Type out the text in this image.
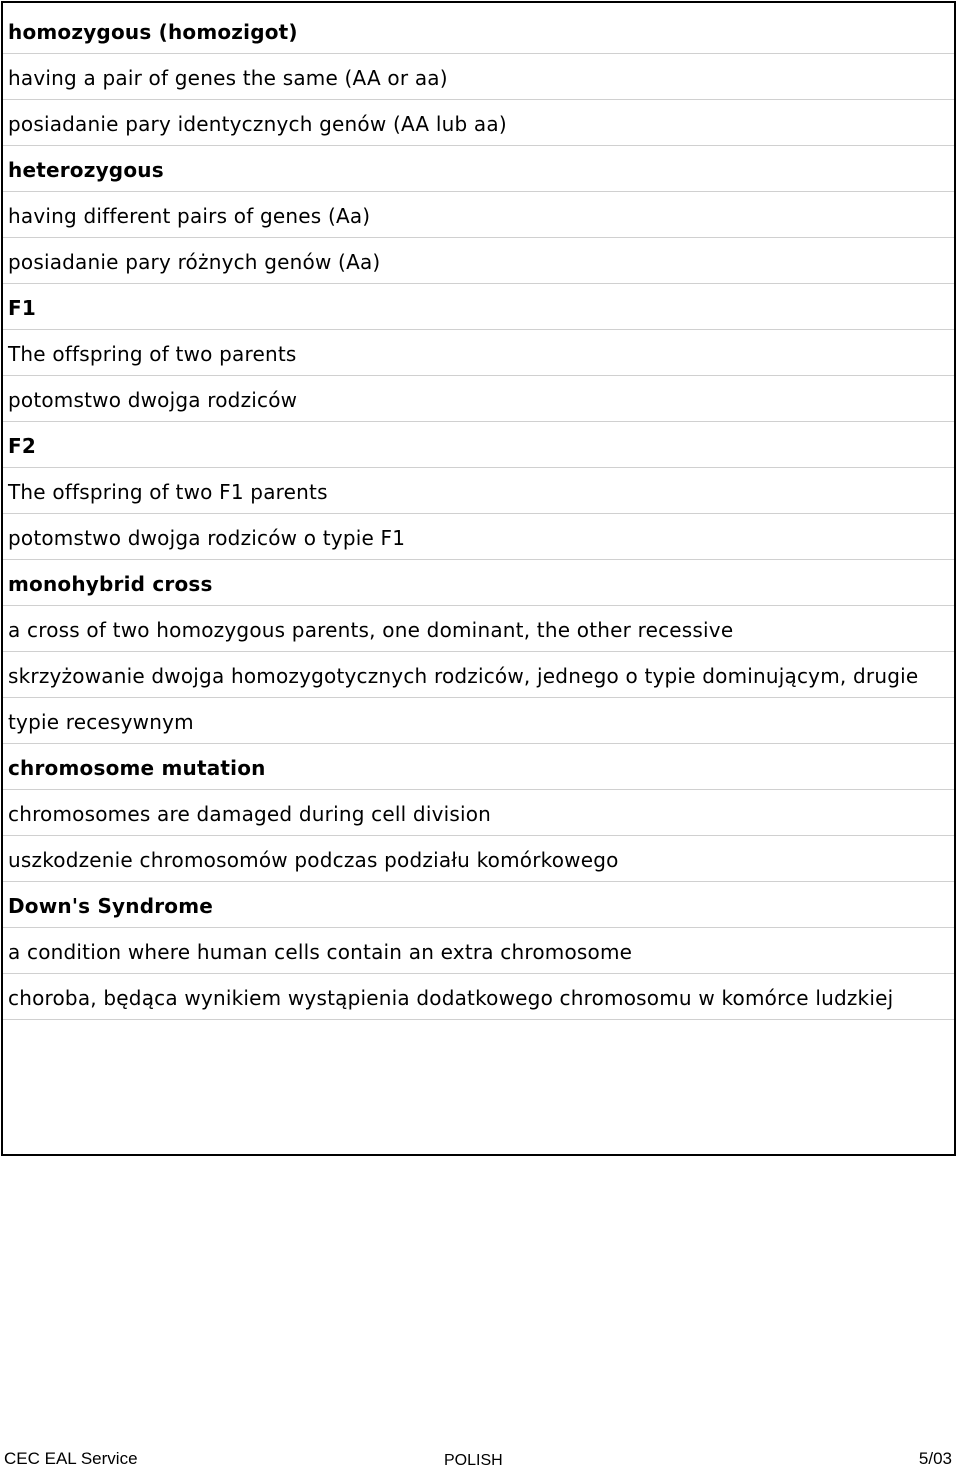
homozygous (homozigot)
having a pair of genes the same (AA or aa)
posiadanie pary identycznych genów (AA lub aa)
heterozygous
having different pairs of genes (Aa)
posiadanie pary różnych genów (Aa)
F1
The offspring of two parents
potomstwo dwojga rodziców
F2
The offspring of two F1 parents
potomstwo dwojga rodziców o typie F1
monohybrid cross
a cross of two homozygous parents, one dominant, the other recessive
skrzyżowanie dwojga homozygotycznych rodziców, jednego o typie dominującym, drugie
typie recesywnym
chromosome mutation
chromosomes are damaged during cell division
uszkodzenie chromosomów podczas podziału komórkowego
Down's Syndrome
a condition where human cells contain an extra chromosome
choroba, będąca wynikiem wystąpienia dodatkowego chromosomu w komórce ludzkiej
CEC EAL Service	POLISH	5/03
